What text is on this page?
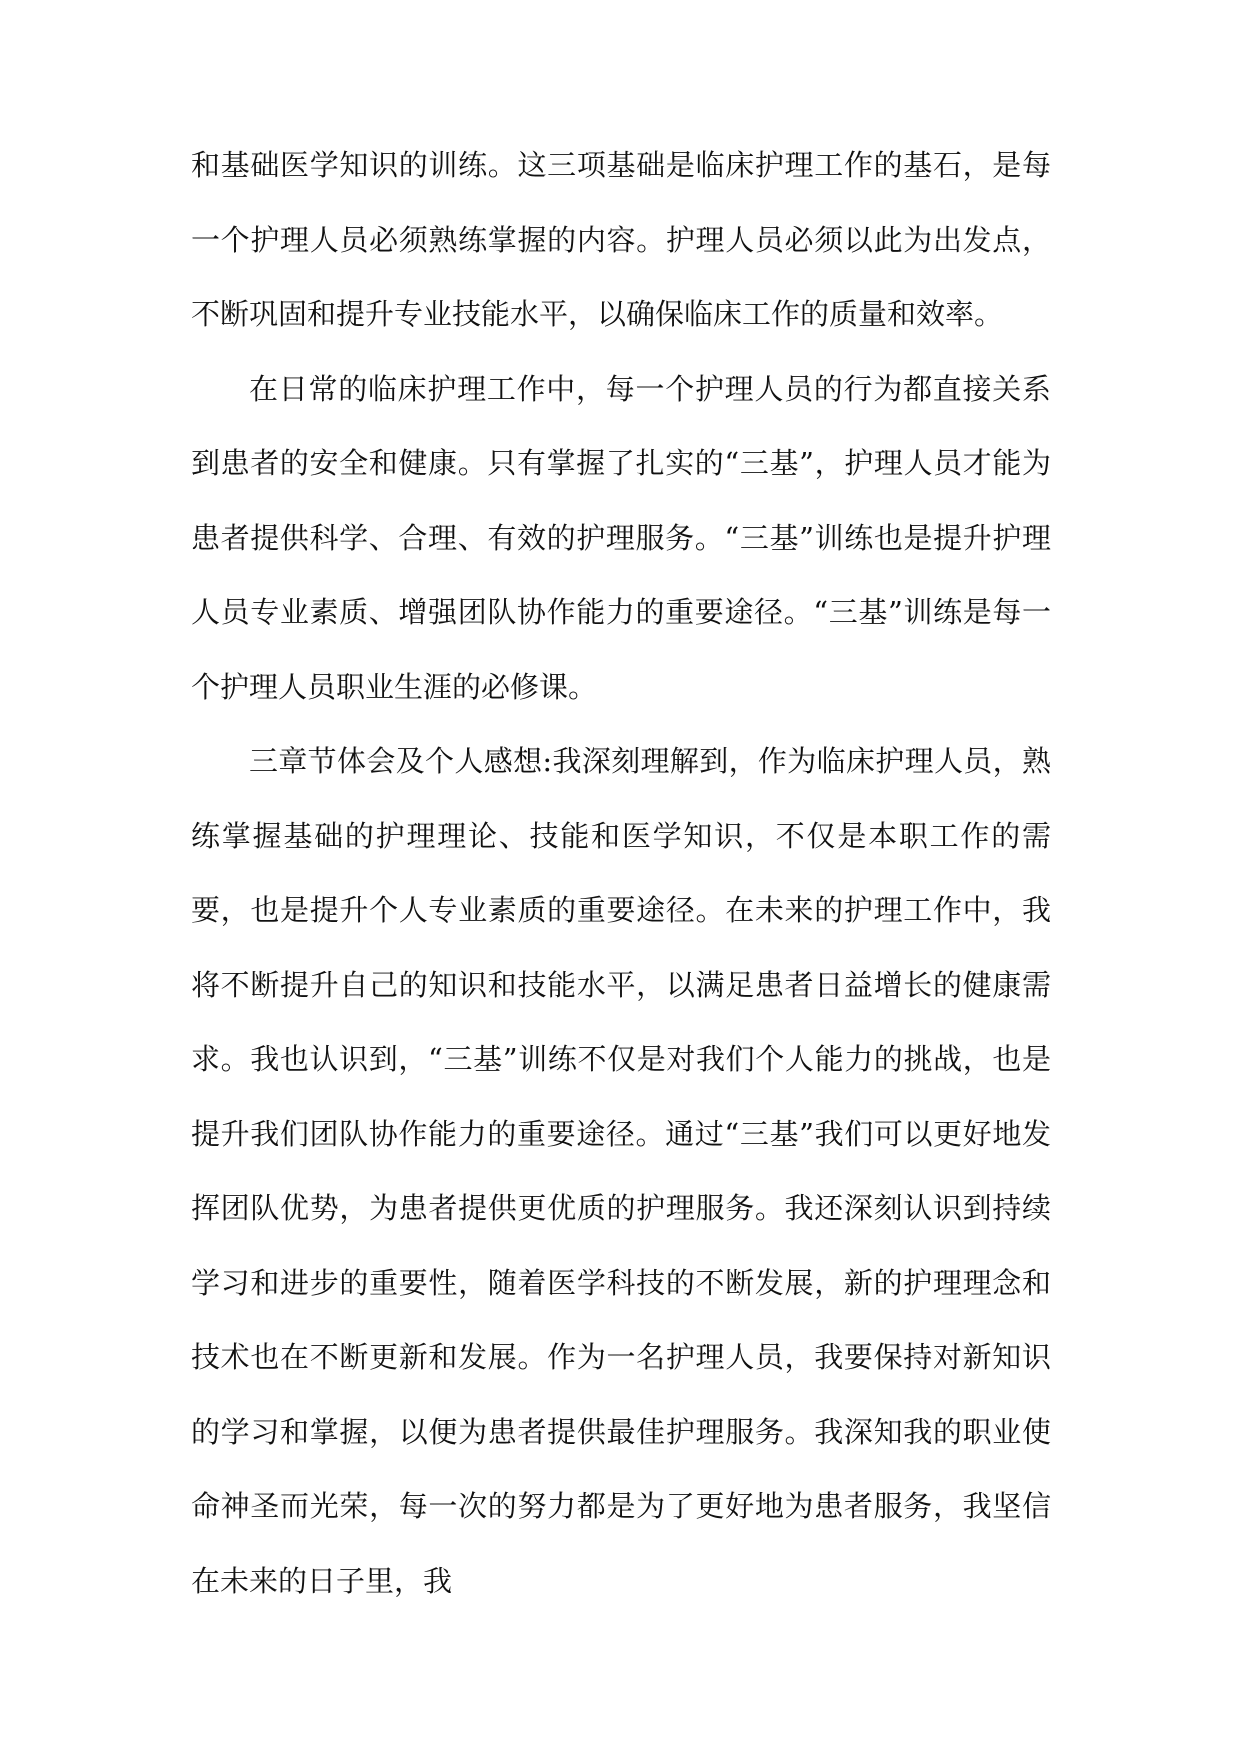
和基础医学知识的训练。这三项基础是临床护理工作的基石，是每一个护理人员必须熟练掌握的内容。护理人员必须以此为出发点，不断巩固和提升专业技能水平，以确保临床工作的质量和效率。

在日常的临床护理工作中，每一个护理人员的行为都直接关系到患者的安全和健康。只有掌握了扎实的“三基”，护理人员才能为患者提供科学、合理、有效的护理服务。“三基”训练也是提升护理人员专业素质、增强团队协作能力的重要途径。“三基”训练是每一个护理人员职业生涯的必修课。

三章节体会及个人感想:我深刻理解到，作为临床护理人员，熟练掌握基础的护理理论、技能和医学知识，不仅是本职工作的需要，也是提升个人专业素质的重要途径。在未来的护理工作中，我将不断提升自己的知识和技能水平，以满足患者日益增长的健康需求。我也认识到，“三基”训练不仅是对我们个人能力的挑战，也是提升我们团队协作能力的重要途径。通过“三基”我们可以更好地发挥团队优势，为患者提供更优质的护理服务。我还深刻认识到持续学习和进步的重要性，随着医学科技的不断发展，新的护理理念和技术也在不断更新和发展。作为一名护理人员，我要保持对新知识的学习和掌握，以便为患者提供最佳护理服务。我深知我的职业使命神圣而光荣，每一次的努力都是为了更好地为患者服务，我坚信在未来的日子里，我
